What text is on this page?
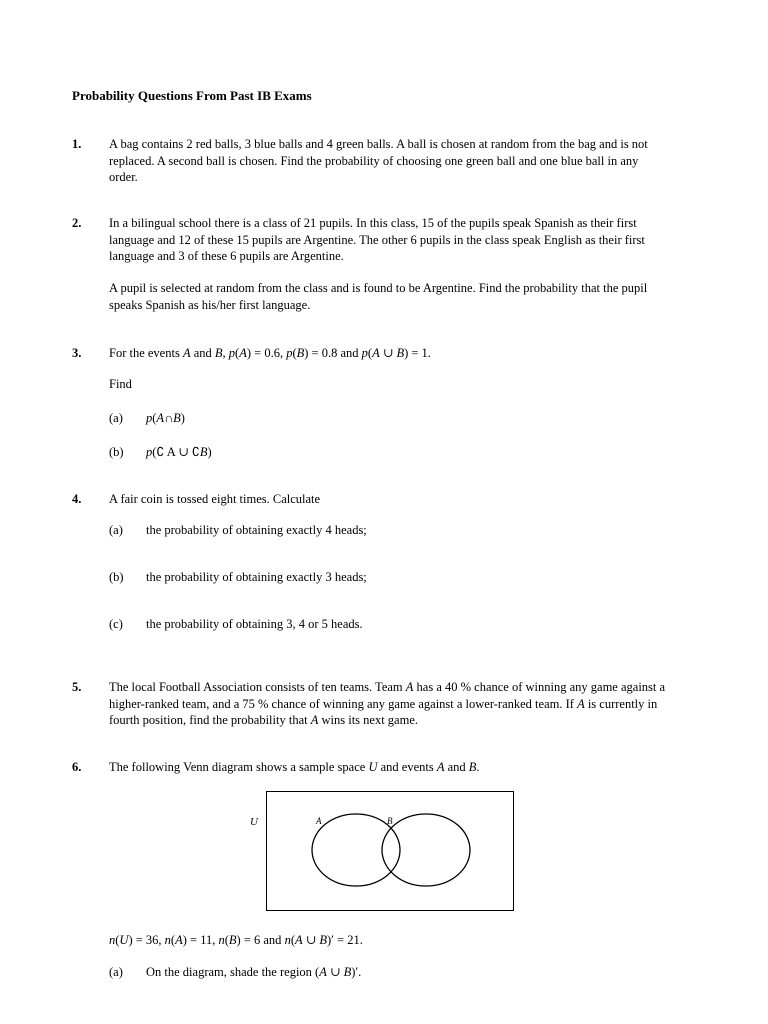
Probability Questions From Past IB Exams
1. A bag contains 2 red balls, 3 blue balls and 4 green balls. A ball is chosen at random from the bag and is not replaced. A second ball is chosen. Find the probability of choosing one green ball and one blue ball in any order.
2. In a bilingual school there is a class of 21 pupils. In this class, 15 of the pupils speak Spanish as their first language and 12 of these 15 pupils are Argentine. The other 6 pupils in the class speak English as their first language and 3 of these 6 pupils are Argentine.
A pupil is selected at random from the class and is found to be Argentine. Find the probability that the pupil speaks Spanish as his/her first language.
3. For the events A and B, p(A) = 0.6, p(B) = 0.8 and p(A ∪ B) = 1.
Find
(a) p(A∩B)
(b) p(∁ A ∪ ∁B)
4. A fair coin is tossed eight times. Calculate
(a) the probability of obtaining exactly 4 heads;
(b) the probability of obtaining exactly 3 heads;
(c) the probability of obtaining 3, 4 or 5 heads.
5. The local Football Association consists of ten teams. Team A has a 40 % chance of winning any game against a higher-ranked team, and a 75 % chance of winning any game against a lower-ranked team. If A is currently in fourth position, find the probability that A wins its next game.
6. The following Venn diagram shows a sample space U and events A and B.
U	A	B
n(U) = 36, n(A) = 11, n(B) = 6 and n(A ∪ B)′ = 21.
(a) On the diagram, shade the region (A ∪ B)′.
